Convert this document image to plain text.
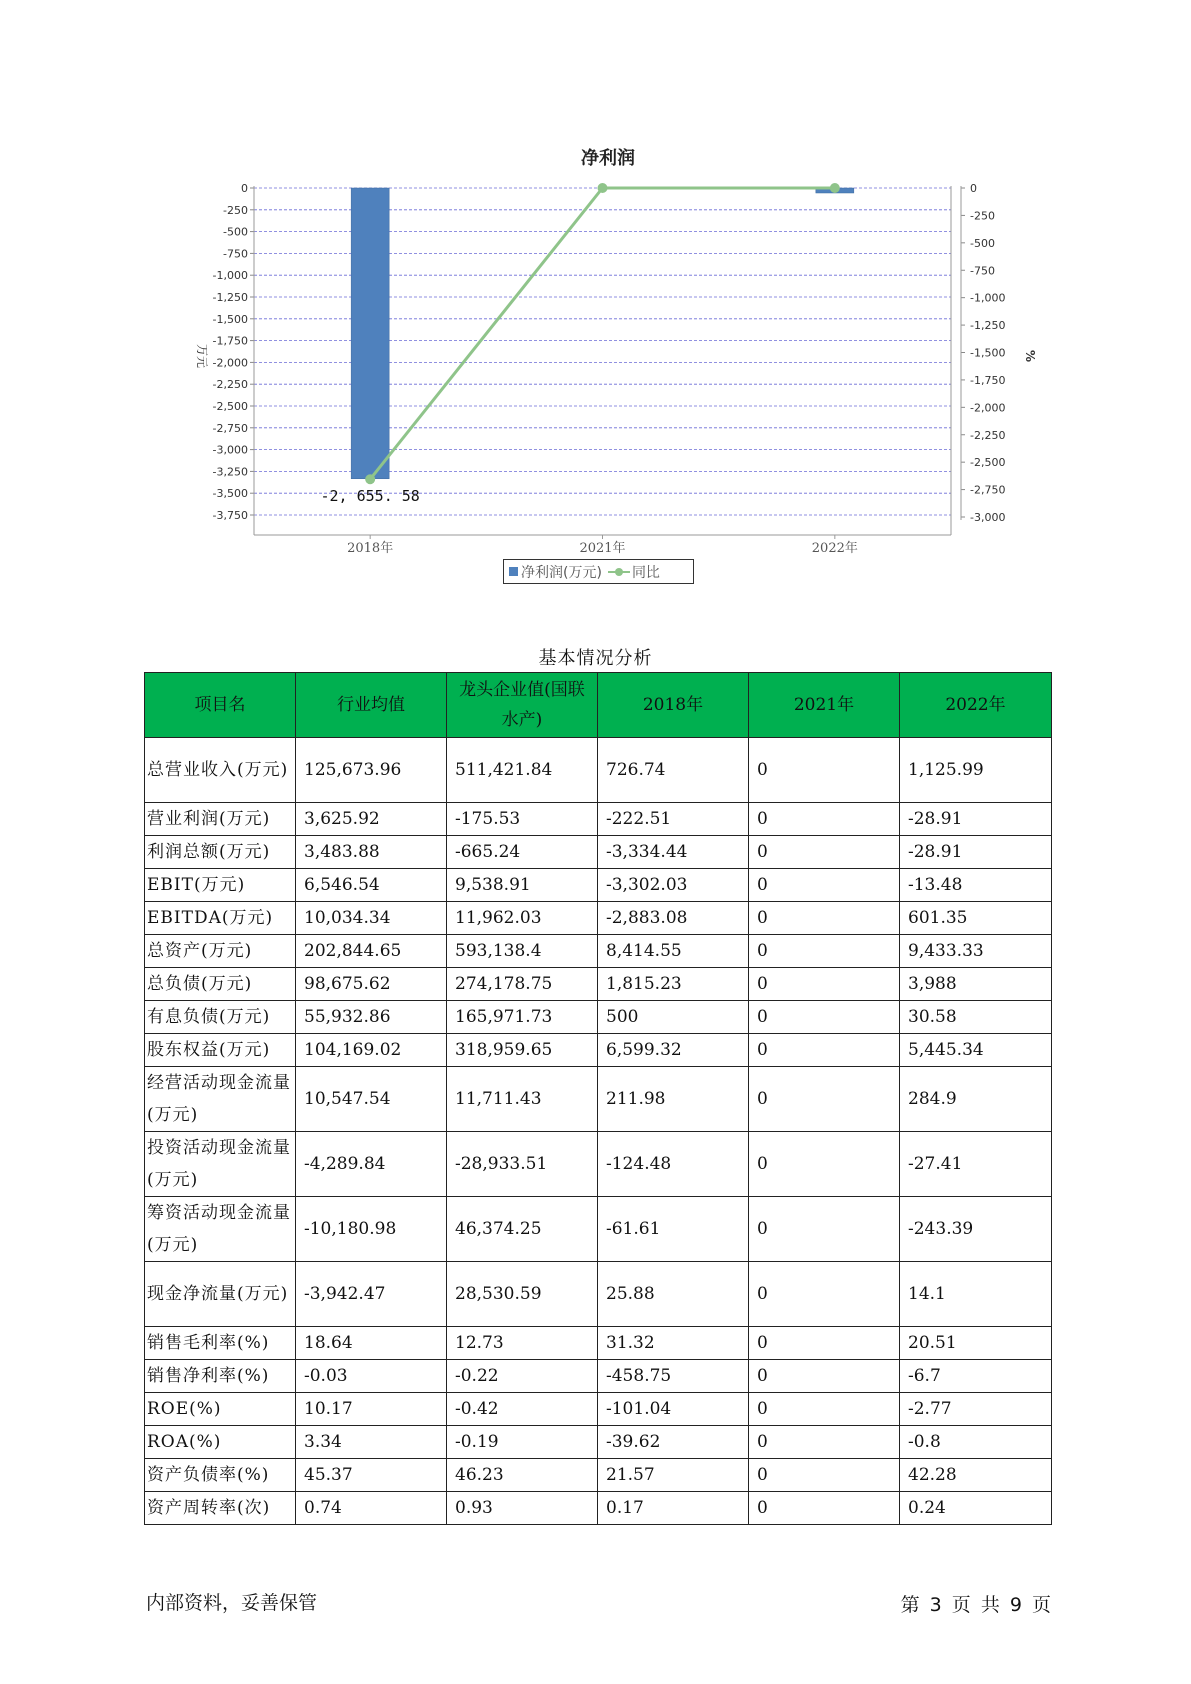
净利润
0
-250
-500
-750
-1,000
-1,250
-1,500
-1,750
-2,000
-2,250
-2,500
-2,750
-3,000
-3,250
-3,500
-3,750
0
-250
-500
-750
-1,000
-1,250
-1,500
-1,750
-2,000
-2,250
-2,500
-2,750
-3,000
万元	%
2018年	2021年	2022年
-2, 655. 58
净利润(万元) 同比
基本情况分析
项目名	行业均值	龙头企业值(国联水产)	2018年	2021年	2022年
总营业收入(万元)	125,673.96	511,421.84	726.74	0	1,125.99
营业利润(万元)	3,625.92	-175.53	-222.51	0	-28.91
利润总额(万元)	3,483.88	-665.24	-3,334.44	0	-28.91
EBIT(万元)	6,546.54	9,538.91	-3,302.03	0	-13.48
EBITDA(万元)	10,034.34	11,962.03	-2,883.08	0	601.35
总资产(万元)	202,844.65	593,138.4	8,414.55	0	9,433.33
总负债(万元)	98,675.62	274,178.75	1,815.23	0	3,988
有息负债(万元)	55,932.86	165,971.73	500	0	30.58
股东权益(万元)	104,169.02	318,959.65	6,599.32	0	5,445.34
经营活动现金流量(万元)	10,547.54	11,711.43	211.98	0	284.9
投资活动现金流量(万元)	-4,289.84	-28,933.51	-124.48	0	-27.41
筹资活动现金流量(万元)	-10,180.98	46,374.25	-61.61	0	-243.39
现金净流量(万元)	-3,942.47	28,530.59	25.88	0	14.1
销售毛利率(%)	18.64	12.73	31.32	0	20.51
销售净利率(%)	-0.03	-0.22	-458.75	0	-6.7
ROE(%)	10.17	-0.42	-101.04	0	-2.77
ROA(%)	3.34	-0.19	-39.62	0	-0.8
资产负债率(%)	45.37	46.23	21.57	0	42.28
资产周转率(次)	0.74	0.93	0.17	0	0.24
内部资料，妥善保管	第 3 页 共 9 页
